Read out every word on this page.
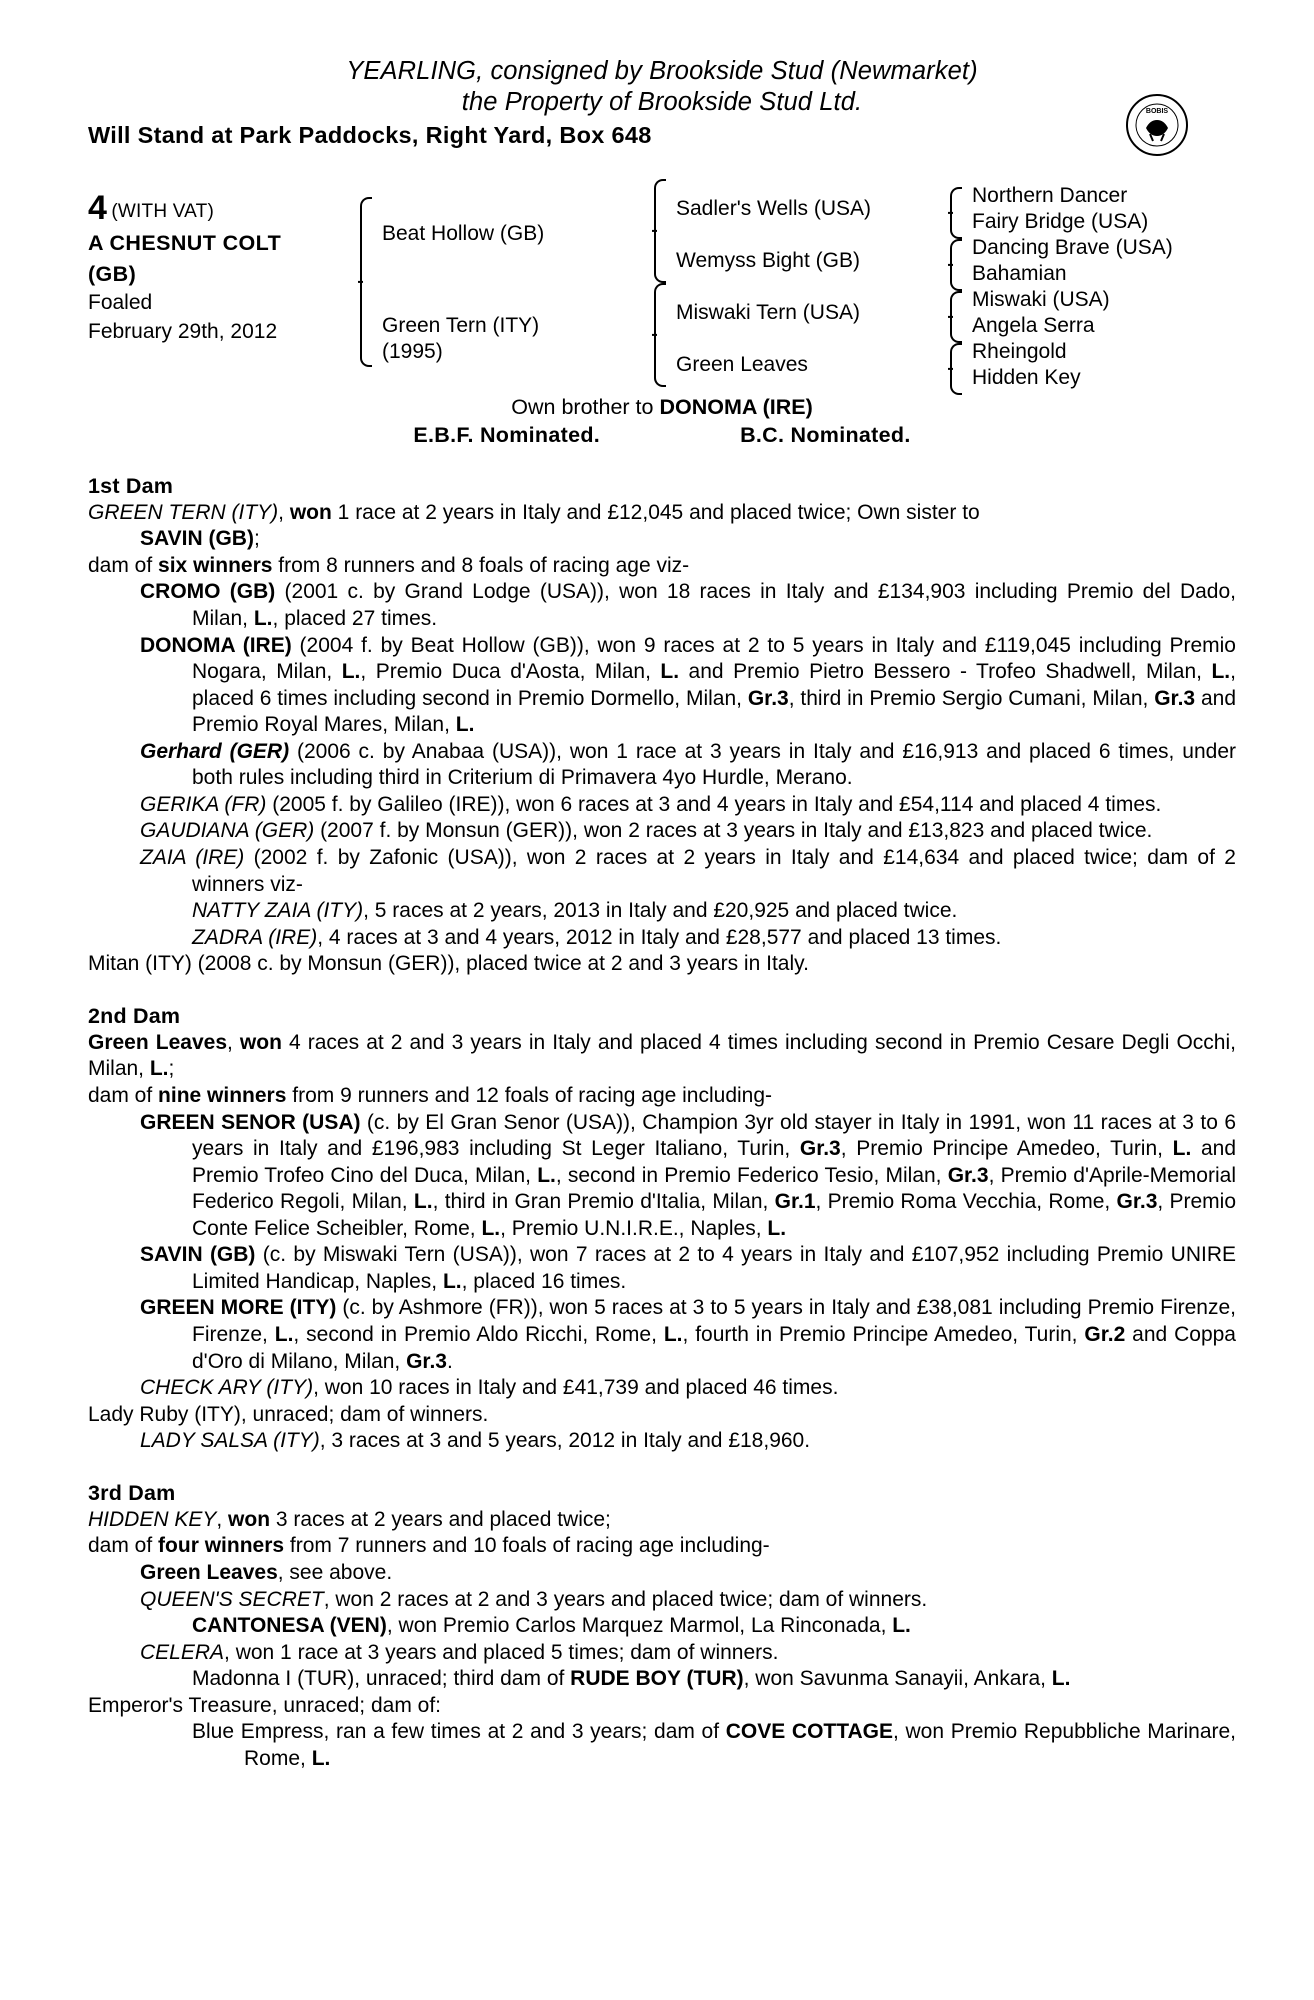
YEARLING, consigned by Brookside Stud (Newmarket)
the Property of Brookside Stud Ltd.
Will Stand at Park Paddocks, Right Yard, Box 648
BOBIS
4 (WITH VAT)
A CHESNUT COLT
(GB)
Foaled
February 29th, 2012
Beat Hollow (GB)
Green Tern (ITY)
(1995)
Sadler's Wells (USA)
Wemyss Bight (GB)
Miswaki Tern (USA)
Green Leaves
Northern Dancer
Fairy Bridge (USA)
Dancing Brave (USA)
Bahamian
Miswaki (USA)
Angela Serra
Rheingold
Hidden Key
Own brother to DONOMA (IRE)
E.B.F. Nominated.	B.C. Nominated.
1st Dam

GREEN TERN (ITY), won 1 race at 2 years in Italy and £12,045 and placed twice; Own sister to

SAVIN (GB);

dam of six winners from 8 runners and 8 foals of racing age viz-

CROMO (GB) (2001 c. by Grand Lodge (USA)), won 18 races in Italy and £134,903 including Premio del Dado, Milan, L., placed 27 times.

DONOMA (IRE) (2004 f. by Beat Hollow (GB)), won 9 races at 2 to 5 years in Italy and £119,045 including Premio Nogara, Milan, L., Premio Duca d'Aosta, Milan, L. and Premio Pietro Bessero - Trofeo Shadwell, Milan, L., placed 6 times including second in Premio Dormello, Milan, Gr.3, third in Premio Sergio Cumani, Milan, Gr.3 and Premio Royal Mares, Milan, L.

Gerhard (GER) (2006 c. by Anabaa (USA)), won 1 race at 3 years in Italy and £16,913 and placed 6 times, under both rules including third in Criterium di Primavera 4yo Hurdle, Merano.

GERIKA (FR) (2005 f. by Galileo (IRE)), won 6 races at 3 and 4 years in Italy and £54,114 and placed 4 times.

GAUDIANA (GER) (2007 f. by Monsun (GER)), won 2 races at 3 years in Italy and £13,823 and placed twice.

ZAIA (IRE) (2002 f. by Zafonic (USA)), won 2 races at 2 years in Italy and £14,634 and placed twice; dam of 2 winners viz-

NATTY ZAIA (ITY), 5 races at 2 years, 2013 in Italy and £20,925 and placed twice.

ZADRA (IRE), 4 races at 3 and 4 years, 2012 in Italy and £28,577 and placed 13 times.

Mitan (ITY) (2008 c. by Monsun (GER)), placed twice at 2 and 3 years in Italy.

2nd Dam

Green Leaves, won 4 races at 2 and 3 years in Italy and placed 4 times including second in Premio Cesare Degli Occhi, Milan, L.;

dam of nine winners from 9 runners and 12 foals of racing age including-

GREEN SENOR (USA) (c. by El Gran Senor (USA)), Champion 3yr old stayer in Italy in 1991, won 11 races at 3 to 6 years in Italy and £196,983 including St Leger Italiano, Turin, Gr.3, Premio Principe Amedeo, Turin, L. and Premio Trofeo Cino del Duca, Milan, L., second in Premio Federico Tesio, Milan, Gr.3, Premio d'Aprile-Memorial Federico Regoli, Milan, L., third in Gran Premio d'Italia, Milan, Gr.1, Premio Roma Vecchia, Rome, Gr.3, Premio Conte Felice Scheibler, Rome, L., Premio U.N.I.R.E., Naples, L.

SAVIN (GB) (c. by Miswaki Tern (USA)), won 7 races at 2 to 4 years in Italy and £107,952 including Premio UNIRE Limited Handicap, Naples, L., placed 16 times.

GREEN MORE (ITY) (c. by Ashmore (FR)), won 5 races at 3 to 5 years in Italy and £38,081 including Premio Firenze, Firenze, L., second in Premio Aldo Ricchi, Rome, L., fourth in Premio Principe Amedeo, Turin, Gr.2 and Coppa d'Oro di Milano, Milan, Gr.3.

CHECK ARY (ITY), won 10 races in Italy and £41,739 and placed 46 times.

Lady Ruby (ITY), unraced; dam of winners.

LADY SALSA (ITY), 3 races at 3 and 5 years, 2012 in Italy and £18,960.

3rd Dam

HIDDEN KEY, won 3 races at 2 years and placed twice;

dam of four winners from 7 runners and 10 foals of racing age including-

Green Leaves, see above.

QUEEN'S SECRET, won 2 races at 2 and 3 years and placed twice; dam of winners.

CANTONESA (VEN), won Premio Carlos Marquez Marmol, La Rinconada, L.

CELERA, won 1 race at 3 years and placed 5 times; dam of winners.

Madonna I (TUR), unraced; third dam of RUDE BOY (TUR), won Savunma Sanayii, Ankara, L.

Emperor's Treasure, unraced; dam of:

Blue Empress, ran a few times at 2 and 3 years; dam of COVE COTTAGE, won Premio Repubbliche Marinare, Rome, L.
